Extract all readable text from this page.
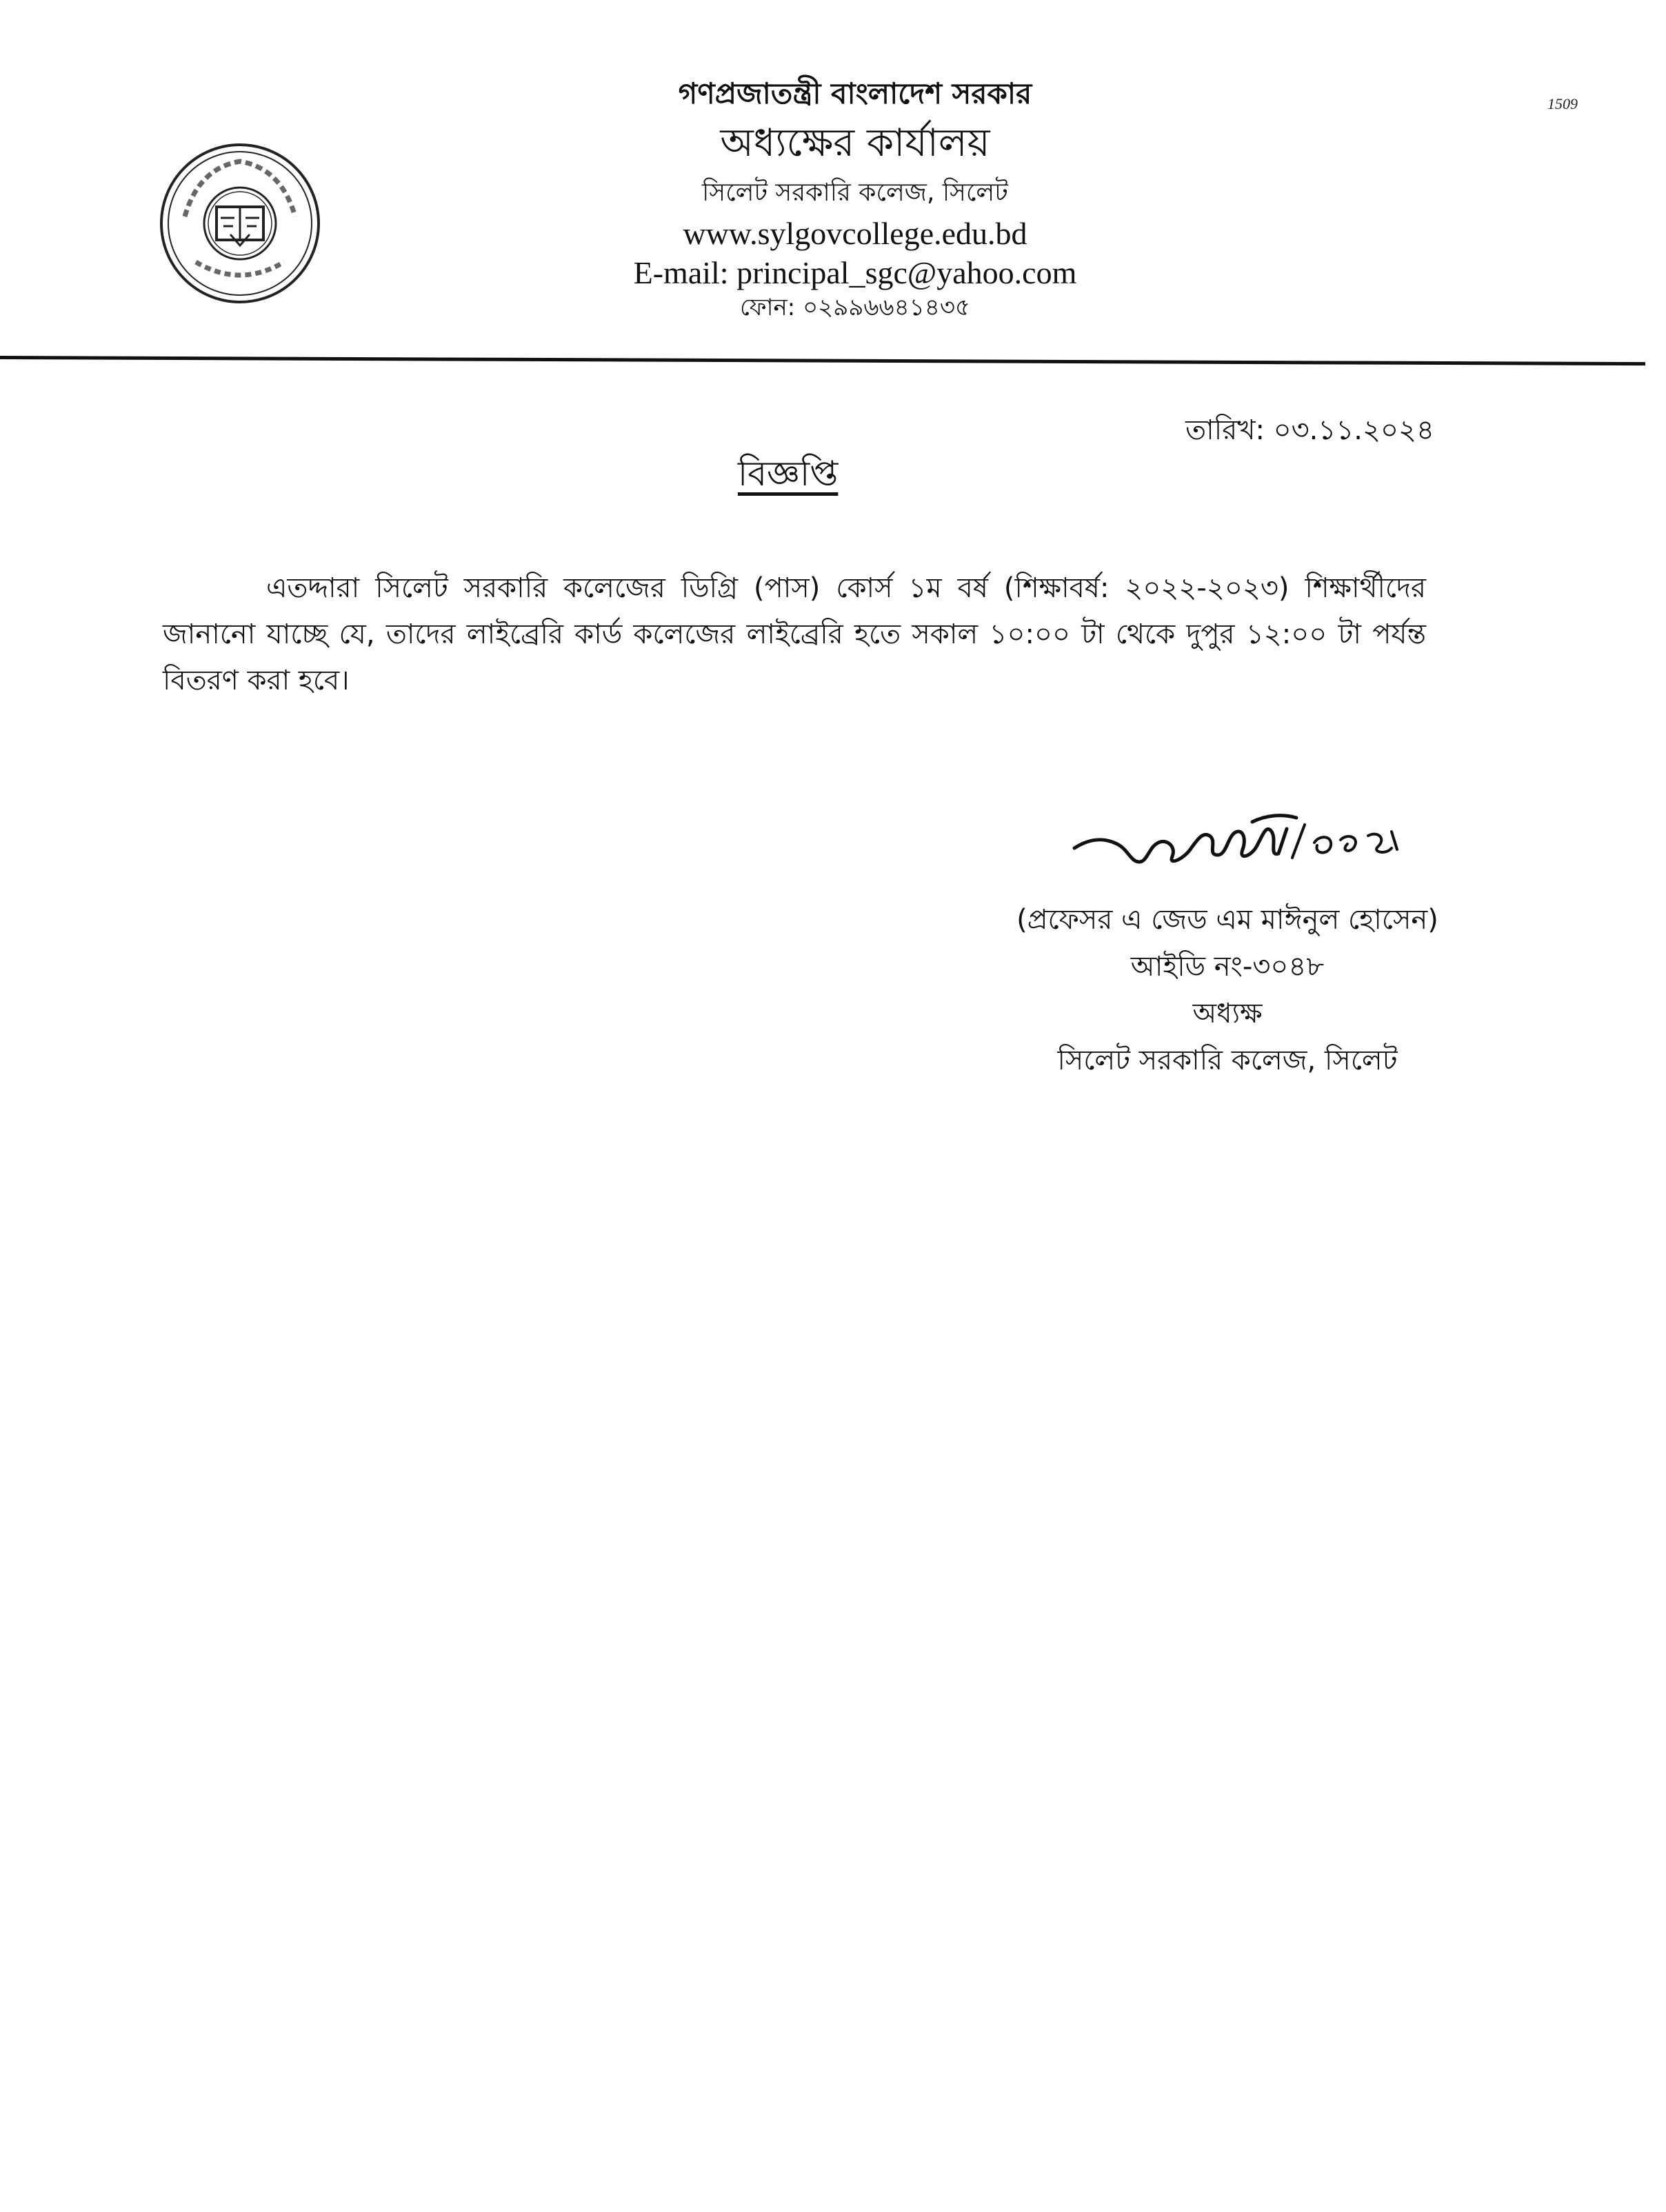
1509
গণপ্রজাতন্ত্রী বাংলাদেশ সরকার
অধ্যক্ষের কার্যালয়
সিলেট সরকারি কলেজ, সিলেট
www.sylgovcollege.edu.bd
E-mail: principal_sgc@yahoo.com
ফোন: ০২৯৯৬৬৪১৪৩৫
তারিখ: ০৩.১১.২০২৪
বিজ্ঞপ্তি
এতদ্দারা সিলেট সরকারি কলেজের ডিগ্রি (পাস) কোর্স ১ম বর্ষ (শিক্ষাবর্ষ: ২০২২-২০২৩) শিক্ষার্থীদের জানানো যাচ্ছে যে, তাদের লাইব্রেরি কার্ড কলেজের লাইব্রেরি হতে সকাল ১০:০০ টা থেকে দুপুর ১২:০০ টা পর্যন্ত বিতরণ করা হবে।
(প্রফেসর এ জেড এম মাঈনুল হোসেন)
আইডি নং-৩০৪৮
অধ্যক্ষ
সিলেট সরকারি কলেজ, সিলেট
